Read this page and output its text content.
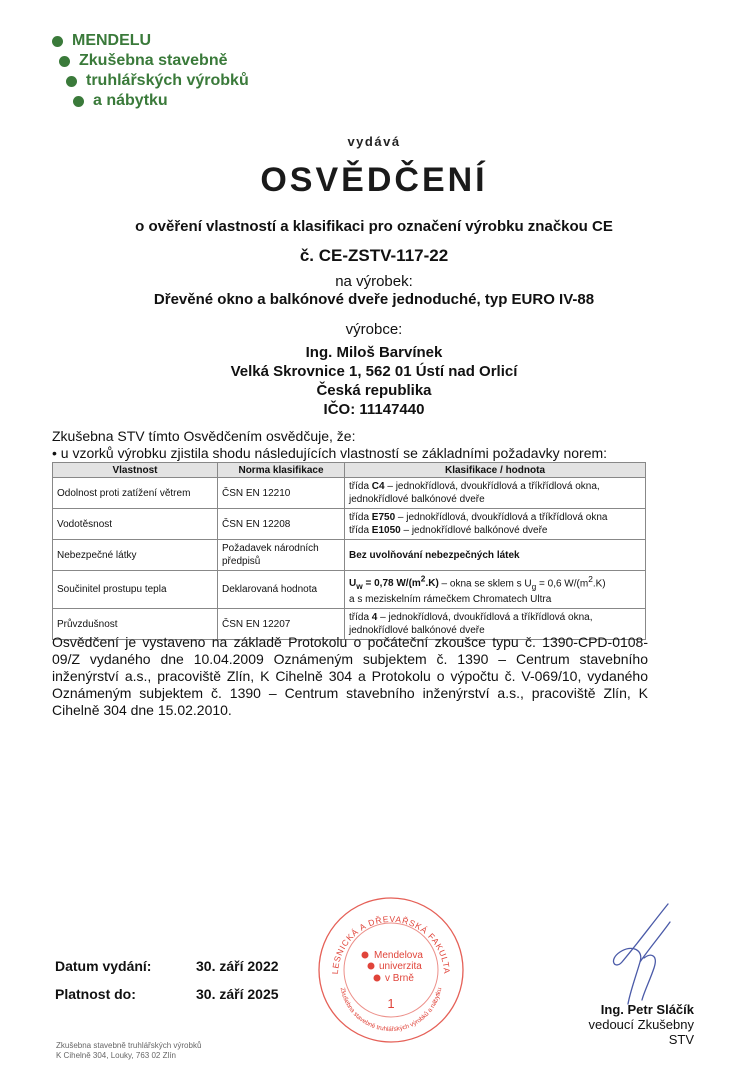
MENDELU
Zkušebna stavebně
truhlářských výrobků
a nábytku
vydává
OSVĚDČENÍ
o ověření vlastností a klasifikaci pro označení výrobku značkou CE
č. CE-ZSTV-117-22
na výrobek:
Dřevěné okno a balkónové dveře jednoduché, typ EURO IV-88
výrobce:
Ing. Miloš Barvínek
Velká Skrovnice 1, 562 01 Ústí nad Orlicí
Česká republika
IČO: 11147440
Zkušebna STV tímto Osvědčením osvědčuje, že:
• u vzorků výrobku zjistila shodu následujících vlastností se základními požadavky norem:
Vlastnost	Norma klasifikace	Klasifikace / hodnota
Odolnost proti zatížení větrem	ČSN EN 12210	třída C4 – jednokřídlová, dvoukřídlová a tříkřídlová okna,
jednokřídlové balkónové dveře

Vodotěsnost	ČSN EN 12208	třída E750 – jednokřídlová, dvoukřídlová a tříkřídlová okna
třída E1050 – jednokřídlové balkónové dveře

Nebezpečné látky	Požadavek národních předpisů	Bez uvolňování nebezpečných látek
Součinitel prostupu tepla	Deklarovaná hodnota	$U_w = 0,78$ $W/(m^2.K)$ – okna se sklem s $U_g = 0,6$ $W/(m^2.K)$
a s meziskelním rámečkem Chromatech Ultra

Průvzdušnost	ČSN EN 12207	třída 4 – jednokřídlová, dvoukřídlová a tříkřídlová okna,
jednokřídlové balkónové dveře
Osvědčení je vystaveno na základě Protokolu o počáteční zkoušce typu č. 1390-CPD-0108-09/Z vydaného dne 10.04.2009 Oznámeným subjektem č. 1390 – Centrum stavebního inženýrství a.s., pracoviště Zlín, K Cihelně 304 a Protokolu o výpočtu č. V-069/10, vydaného Oznámeným subjektem č. 1390 – Centrum stavebního inženýrství a.s., pracoviště Zlín, K Cihelně 304 dne 15.02.2010.
Datum vydání:	30. září 2022
Platnost do:	30. září 2025
LESNICKÁ A DŘEVAŘSKÁ FAKULTA
Zkušebna stavebně truhlářských výrobků a nábytku
Mendelova
univerzita
v Brně
1	Ing. Petr Sláčík
vedoucí Zkušebny STV
Zkušebna stavebně truhlářských výrobků
K Cihelně 304, Louky, 763 02 Zlín
